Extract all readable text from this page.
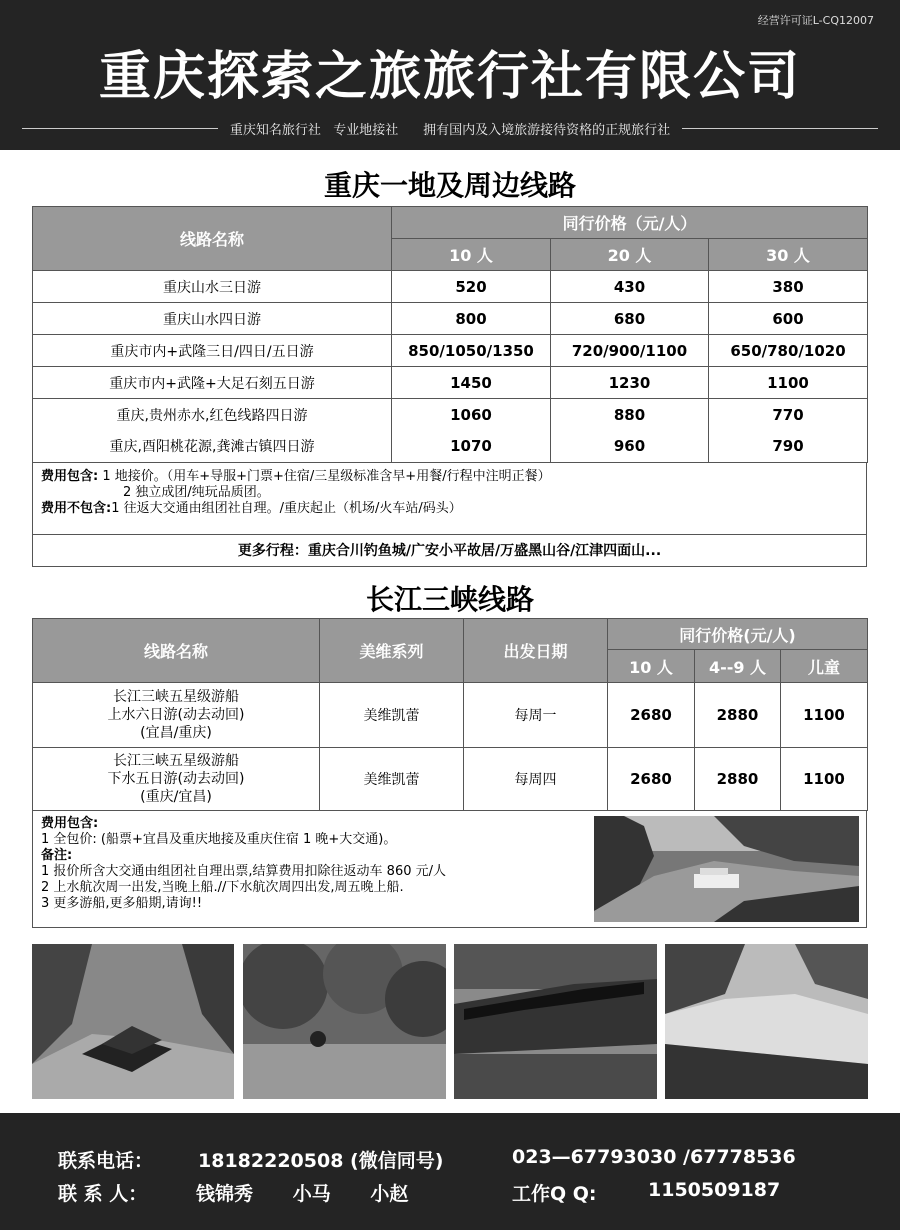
经营许可证L-CQ12007
重庆探索之旅旅行社有限公司
重庆知名旅行社   专业地接社      拥有国内及入境旅游接待资格的正规旅行社
重庆一地及周边线路
线路名称	同行价格（元/人）		
	10 人	20 人	30 人
重庆山水三日游	520	430	380
重庆山水四日游	800	680	600
重庆市内+武隆三日/四日/五日游	850/1050/1350	720/900/1100	650/780/1020
重庆市内+武隆+大足石刻五日游	1450	1230	1100
重庆,贵州赤水,红色线路四日游	1060	880	770
重庆,酉阳桃花源,龚滩古镇四日游	1070	960	790
费用包含: 1 地接价。（用车+导服+门票+住宿/三星级标准含早+用餐/行程中注明正餐）
2 独立成团/纯玩品质团。
费用不包含:1 往返大交通由组团社自理。/重庆起止（机场/火车站/码头）
更多行程：重庆合川钓鱼城/广安小平故居/万盛黑山谷/江津四面山...
长江三峡线路
线路名称	美维系列	出发日期	同行价格(元/人)		
			10 人	4--9 人	儿童

长江三峡五星级游船
上水六日游(动去动回)
(宜昌/重庆)	美维凯蕾	每周一	2680	2880	1100

长江三峡五星级游船
下水五日游(动去动回)
(重庆/宜昌)	美维凯蕾	每周四	2680	2880	1100
费用包含:
1 全包价: (船票+宜昌及重庆地接及重庆住宿 1 晚+大交通)。
备注:
1 报价所含大交通由组团社自理出票,结算费用扣除往返动车 860 元/人
2 上水航次周一出发,当晚上船.//下水航次周四出发,周五晚上船.
3 更多游船,更多船期,请询!!
联系电话： 18182220508 (微信同号)	023—67793030 /67778536
联 系 人：	钱锦秀      小马      小赵	工作Q Q:	1150509187
